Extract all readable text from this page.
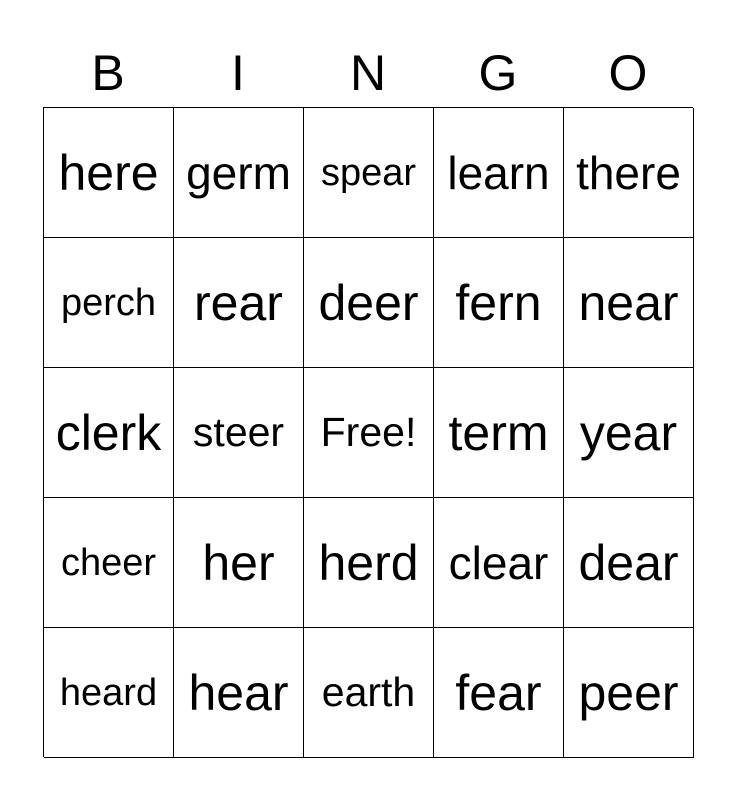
B	I	N	G	O
here germ spear learn there
perch rear deer fern near
clerk steer Free! term year
cheer her herd clear dear
heard hear earth fear peer
